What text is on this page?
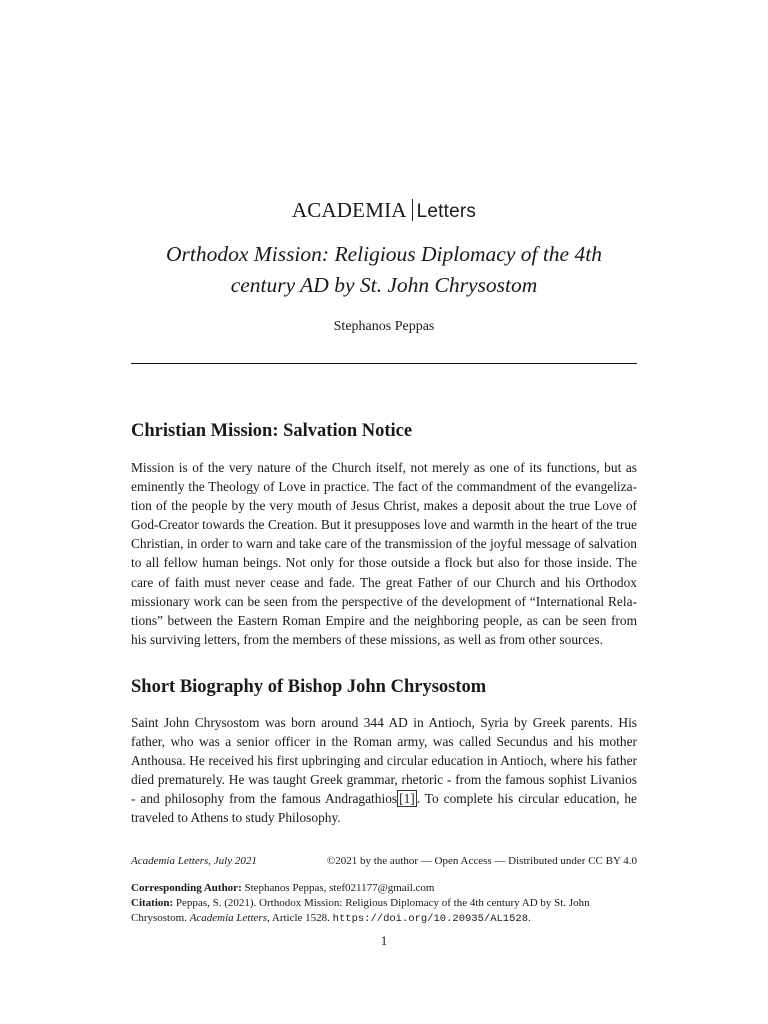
ACADEMIA Letters
Orthodox Mission: Religious Diplomacy of the 4th
century AD by St. John Chrysostom
Stephanos Peppas
Christian Mission: Salvation Notice
Mission is of the very nature of the Church itself, not merely as one of its functions, but as
eminently the Theology of Love in practice. The fact of the commandment of the evangeliza-
tion of the people by the very mouth of Jesus Christ, makes a deposit about the true Love of
God-Creator towards the Creation. But it presupposes love and warmth in the heart of the true
Christian, in order to warn and take care of the transmission of the joyful message of salvation
to all fellow human beings. Not only for those outside a flock but also for those inside. The
care of faith must never cease and fade. The great Father of our Church and his Orthodox
missionary work can be seen from the perspective of the development of “International Rela-
tions” between the Eastern Roman Empire and the neighboring people, as can be seen from
his surviving letters, from the members of these missions, as well as from other sources.
Short Biography of Bishop John Chrysostom
Saint John Chrysostom was born around 344 AD in Antioch, Syria by Greek parents. His
father, who was a senior officer in the Roman army, was called Secundus and his mother
Anthousa. He received his first upbringing and circular education in Antioch, where his father
died prematurely. He was taught Greek grammar, rhetoric - from the famous sophist Livanios
- and philosophy from the famous Andragathios [1] . To complete his circular education, he
traveled to Athens to study Philosophy.
Academia Letters, July 2021	©2021 by the author — Open Access — Distributed under CC BY 4.0
Corresponding Author: Stephanos Peppas, stef021177@gmail.com
Citation: Peppas, S. (2021). Orthodox Mission: Religious Diplomacy of the 4th century AD by St. John
Chrysostom. Academia Letters, Article 1528. https://doi.org/10.20935/AL1528.
1
